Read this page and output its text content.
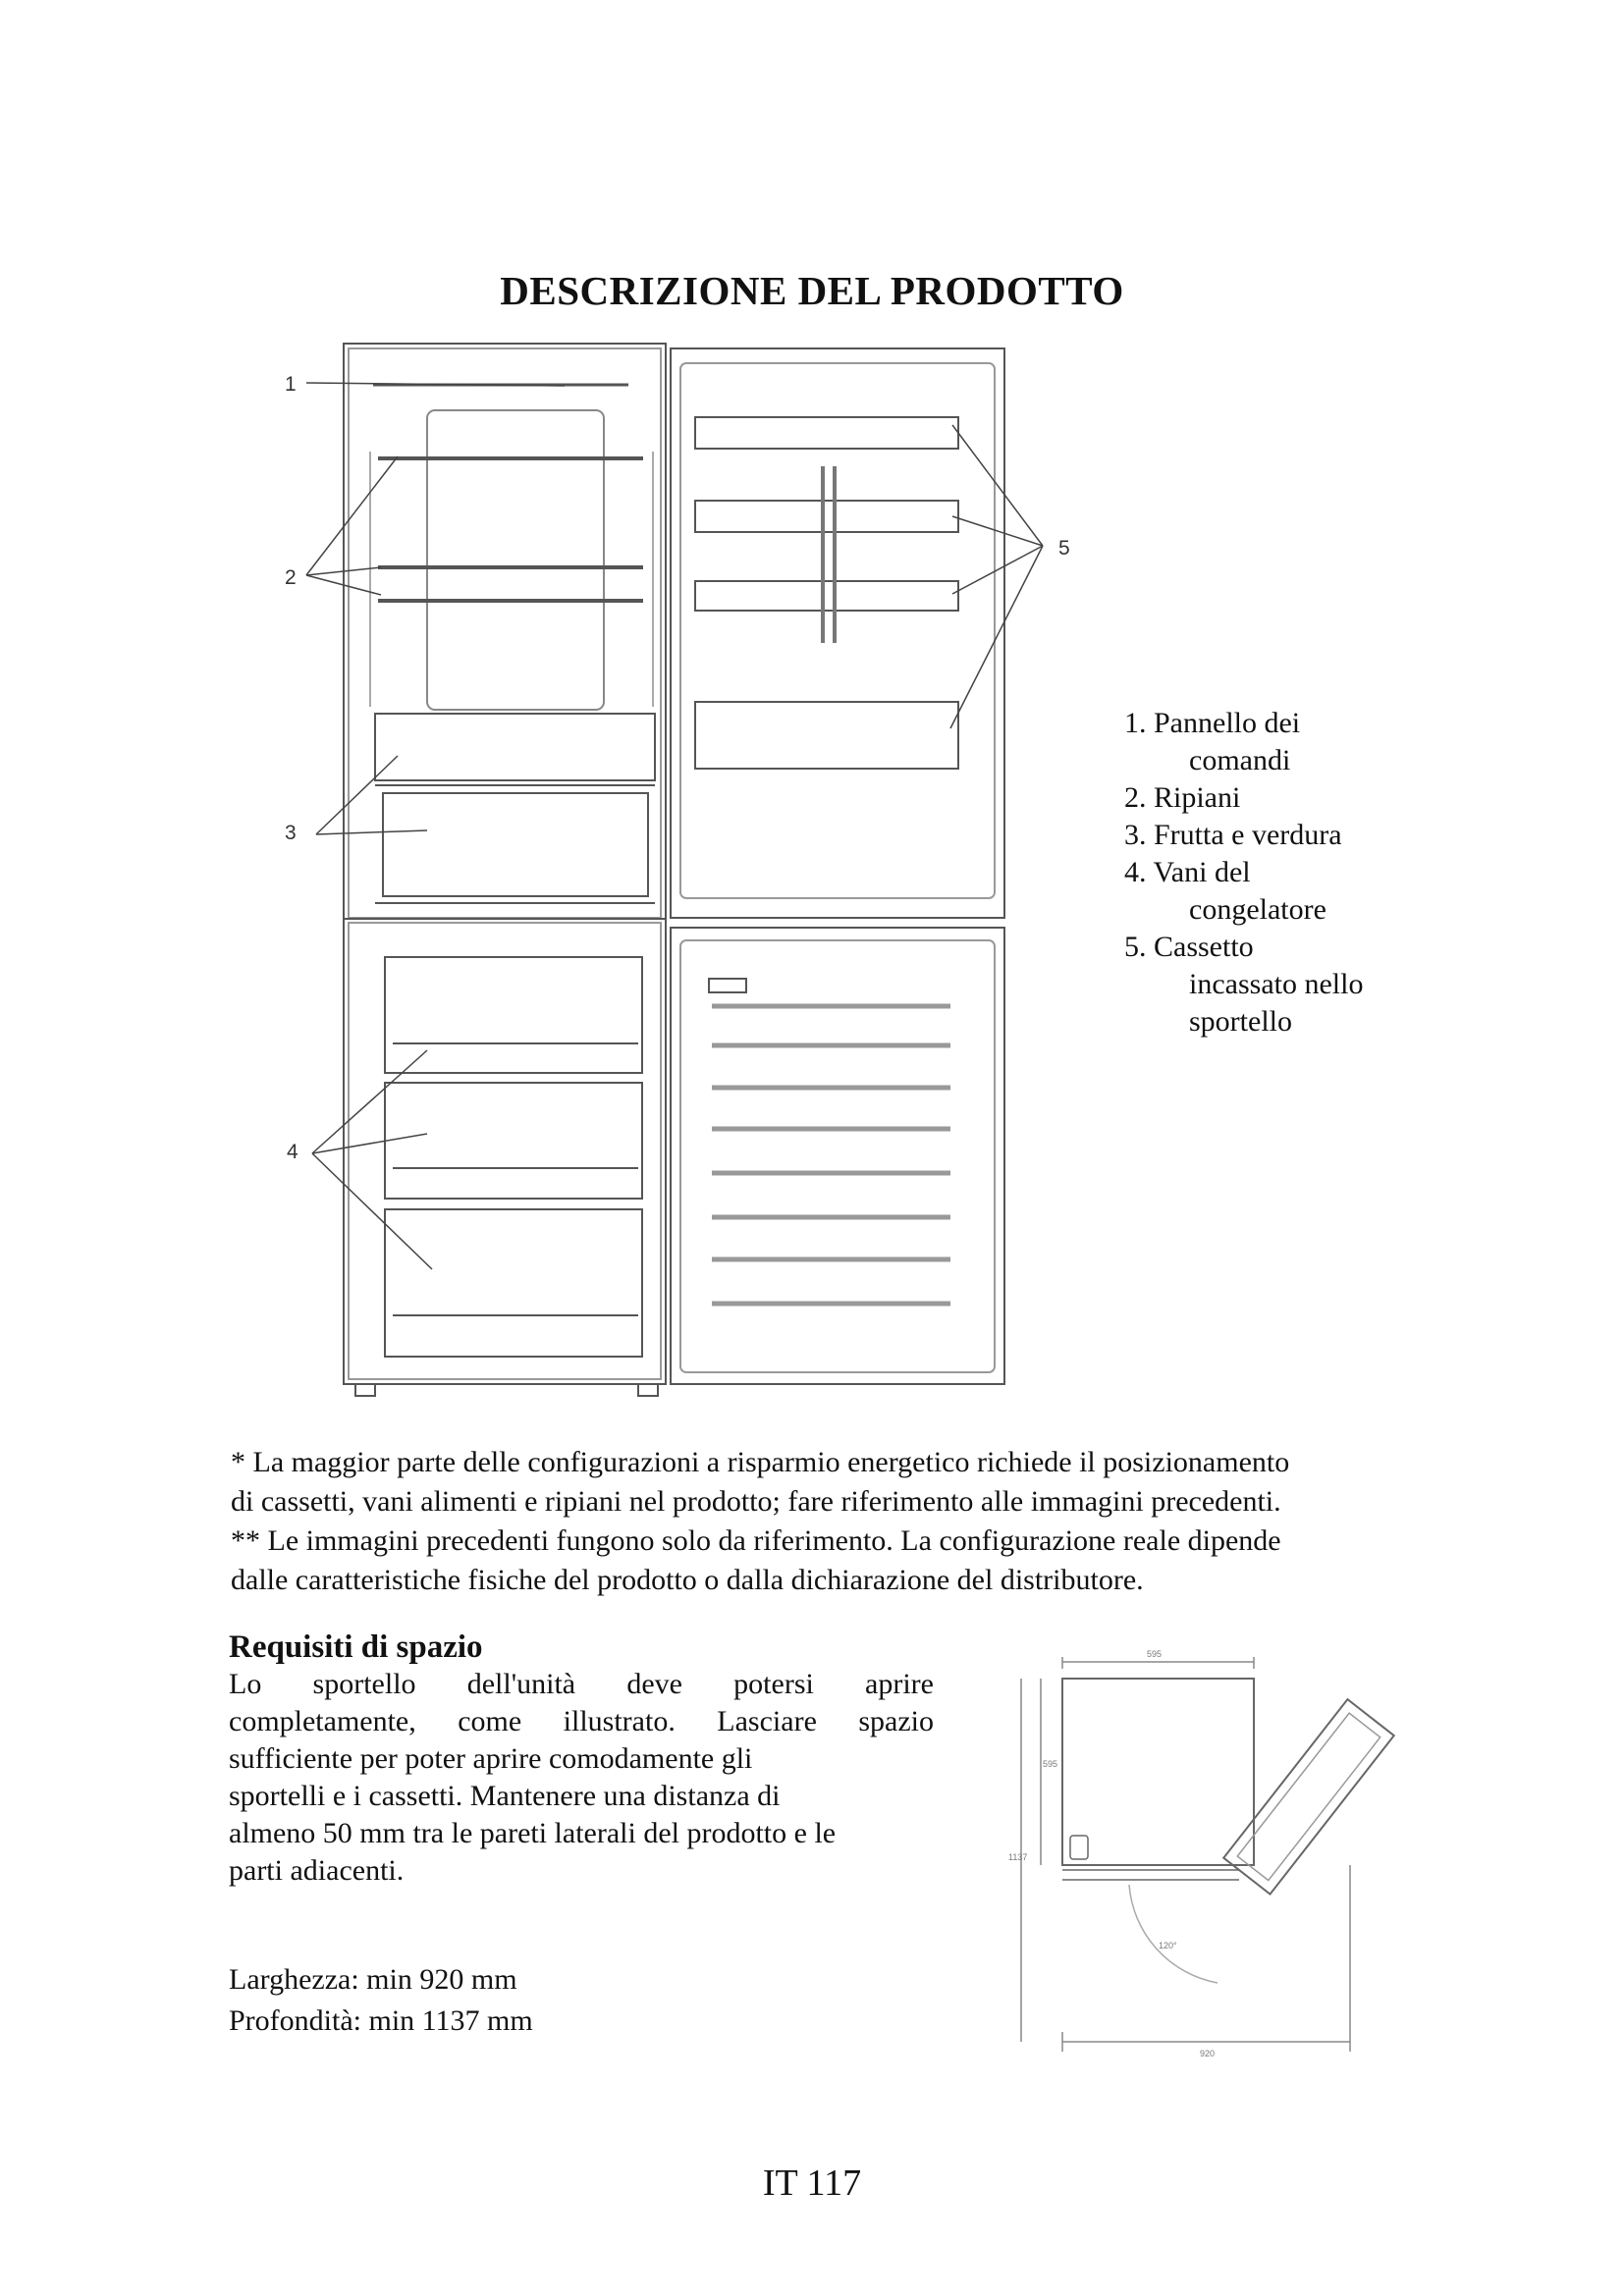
DESCRIZIONE DEL PRODOTTO
1
2
3
4
5
1. Pannello dei
comandi
2. Ripiani
3. Frutta e verdura
4. Vani del
congelatore
5. Cassetto
incassato nello
sportello

* La maggior parte delle configurazioni a risparmio energetico richiede il posizionamento

di cassetti, vani alimenti e ripiani nel prodotto; fare riferimento alle immagini precedenti.

** Le immagini precedenti fungono solo da riferimento. La configurazione reale dipende

dalle caratteristiche fisiche del prodotto o dalla dichiarazione del distributore.

Requisiti di spazio

Lo sportello dell'unità deve potersi aprire

completamente, come illustrato. Lasciare spazio

sufficiente per poter aprire comodamente gli

sportelli e i cassetti. Mantenere una distanza di

almeno 50 mm tra le pareti laterali del prodotto e le

parti adiacenti.

Larghezza: min 920 mm

Profondità: min 1137 mm

595
595
1137
120°
920
IT 117
